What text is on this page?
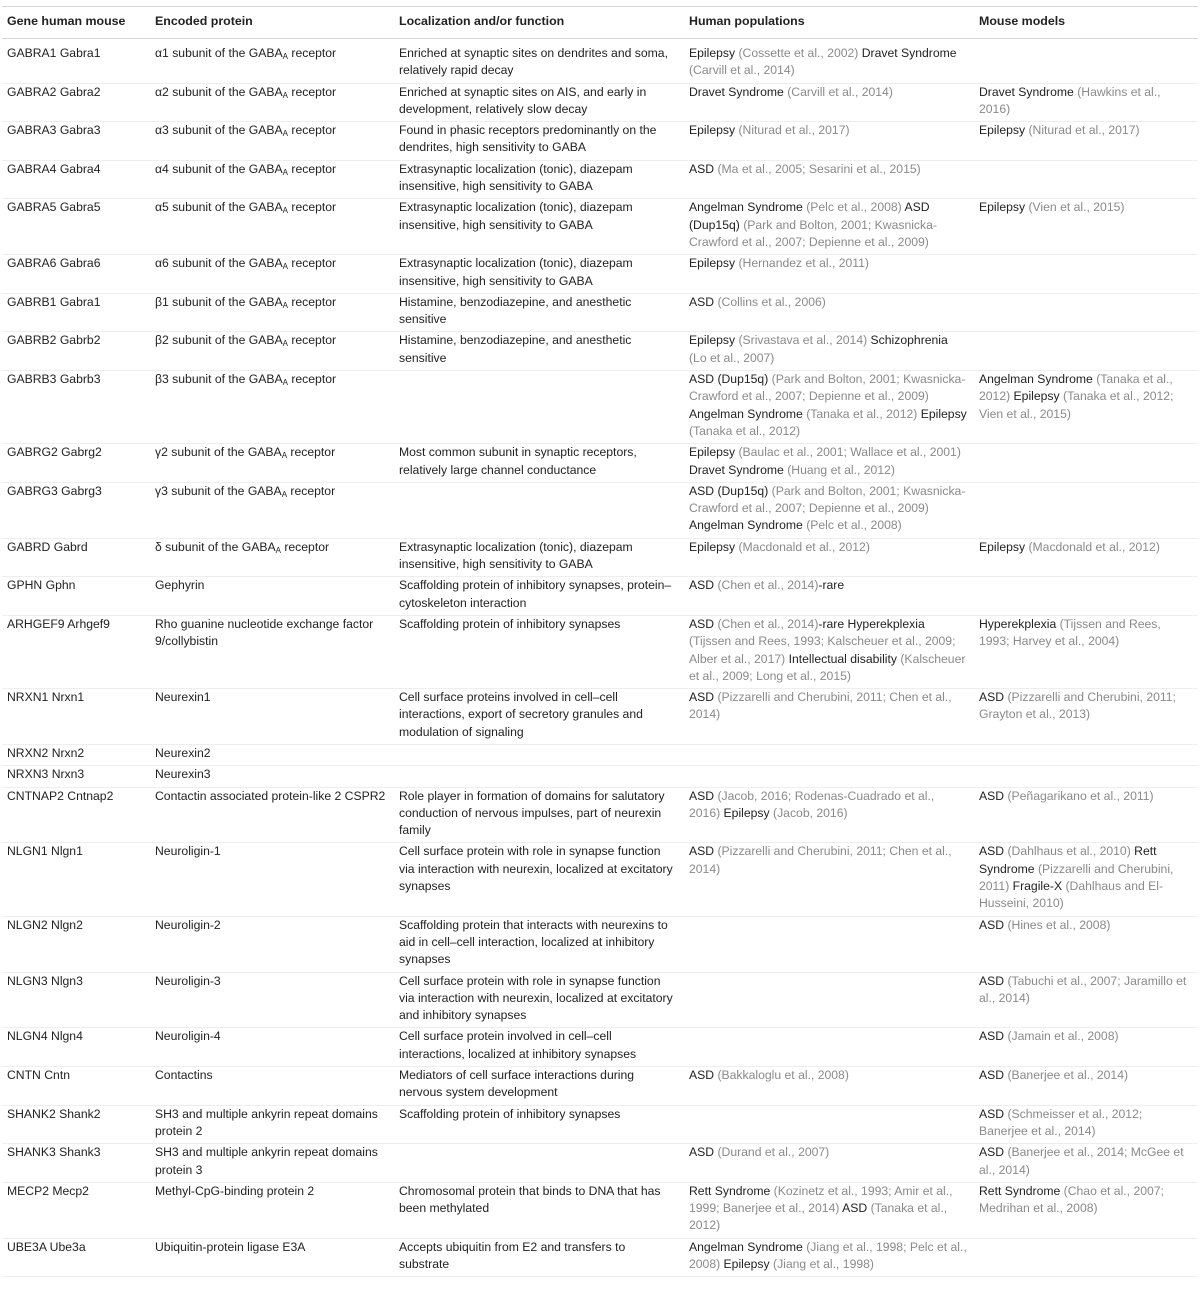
Gene human mouse	Encoded protein	Localization and/or function	Human populations	Mouse models
GABRA1 Gabra1	α1 subunit of the $GABA_A$ receptor	Enriched at synaptic sites on dendrites and soma, relatively rapid decay	Epilepsy (Cossette et al., 2002) Dravet Syndrome (Carvill et al., 2014)	
GABRA2 Gabra2	α2 subunit of the $GABA_A$ receptor	Enriched at synaptic sites on AIS, and early in development, relatively slow decay	Dravet Syndrome (Carvill et al., 2014)	Dravet Syndrome (Hawkins et al., 2016)
GABRA3 Gabra3	α3 subunit of the $GABA_A$ receptor	Found in phasic receptors predominantly on the dendrites, high sensitivity to GABA	Epilepsy (Niturad et al., 2017)	Epilepsy (Niturad et al., 2017)
GABRA4 Gabra4	α4 subunit of the $GABA_A$ receptor	Extrasynaptic localization (tonic), diazepam insensitive, high sensitivity to GABA	ASD (Ma et al., 2005; Sesarini et al., 2015)	
GABRA5 Gabra5	α5 subunit of the $GABA_A$ receptor	Extrasynaptic localization (tonic), diazepam insensitive, high sensitivity to GABA	Angelman Syndrome (Pelc et al., 2008) ASD (Dup15q) (Park and Bolton, 2001; Kwasnicka-Crawford et al., 2007; Depienne et al., 2009)	Epilepsy (Vien et al., 2015)
GABRA6 Gabra6	α6 subunit of the $GABA_A$ receptor	Extrasynaptic localization (tonic), diazepam insensitive, high sensitivity to GABA	Epilepsy (Hernandez et al., 2011)	
GABRB1 Gabra1	β1 subunit of the $GABA_A$ receptor	Histamine, benzodiazepine, and anesthetic sensitive	ASD (Collins et al., 2006)	
GABRB2 Gabrb2	β2 subunit of the $GABA_A$ receptor	Histamine, benzodiazepine, and anesthetic sensitive	Epilepsy (Srivastava et al., 2014) Schizophrenia (Lo et al., 2007)	
GABRB3 Gabrb3	β3 subunit of the $GABA_A$ receptor		ASD (Dup15q) (Park and Bolton, 2001; Kwasnicka-Crawford et al., 2007; Depienne et al., 2009) Angelman Syndrome (Tanaka et al., 2012) Epilepsy (Tanaka et al., 2012)	Angelman Syndrome (Tanaka et al., 2012) Epilepsy (Tanaka et al., 2012; Vien et al., 2015)
GABRG2 Gabrg2	γ2 subunit of the $GABA_A$ receptor	Most common subunit in synaptic receptors, relatively large channel conductance	Epilepsy (Baulac et al., 2001; Wallace et al., 2001) Dravet Syndrome (Huang et al., 2012)	
GABRG3 Gabrg3	γ3 subunit of the $GABA_A$ receptor		ASD (Dup15q) (Park and Bolton, 2001; Kwasnicka-Crawford et al., 2007; Depienne et al., 2009) Angelman Syndrome (Pelc et al., 2008)	
GABRD Gabrd	δ subunit of the $GABA_A$ receptor	Extrasynaptic localization (tonic), diazepam insensitive, high sensitivity to GABA	Epilepsy (Macdonald et al., 2012)	Epilepsy (Macdonald et al., 2012)
GPHN Gphn	Gephyrin	Scaffolding protein of inhibitory synapses, protein–cytoskeleton interaction	ASD (Chen et al., 2014)-rare	
ARHGEF9 Arhgef9	Rho guanine nucleotide exchange factor 9/collybistin	Scaffolding protein of inhibitory synapses	ASD (Chen et al., 2014)-rare Hyperekplexia (Tijssen and Rees, 1993; Kalscheuer et al., 2009; Alber et al., 2017) Intellectual disability (Kalscheuer et al., 2009; Long et al., 2015)	Hyperekplexia (Tijssen and Rees, 1993; Harvey et al., 2004)
NRXN1 Nrxn1	Neurexin1	Cell surface proteins involved in cell–cell interactions, export of secretory granules and modulation of signaling	ASD (Pizzarelli and Cherubini, 2011; Chen et al., 2014)	ASD (Pizzarelli and Cherubini, 2011; Grayton et al., 2013)
NRXN2 Nrxn2	Neurexin2			
NRXN3 Nrxn3	Neurexin3			
CNTNAP2 Cntnap2	Contactin associated protein-like 2 CSPR2	Role player in formation of domains for salutatory conduction of nervous impulses, part of neurexin family	ASD (Jacob, 2016; Rodenas-Cuadrado et al., 2016) Epilepsy (Jacob, 2016)	ASD (Peñagarikano et al., 2011)
NLGN1 Nlgn1	Neuroligin-1	Cell surface protein with role in synapse function via interaction with neurexin, localized at excitatory synapses	ASD (Pizzarelli and Cherubini, 2011; Chen et al., 2014)	ASD (Dahlhaus et al., 2010) Rett Syndrome (Pizzarelli and Cherubini, 2011) Fragile-X (Dahlhaus and El-Husseini, 2010)
NLGN2 Nlgn2	Neuroligin-2	Scaffolding protein that interacts with neurexins to aid in cell–cell interaction, localized at inhibitory synapses		ASD (Hines et al., 2008)
NLGN3 Nlgn3	Neuroligin-3	Cell surface protein with role in synapse function via interaction with neurexin, localized at excitatory and inhibitory synapses		ASD (Tabuchi et al., 2007; Jaramillo et al., 2014)
NLGN4 Nlgn4	Neuroligin-4	Cell surface protein involved in cell–cell interactions, localized at inhibitory synapses		ASD (Jamain et al., 2008)
CNTN Cntn	Contactins	Mediators of cell surface interactions during nervous system development	ASD (Bakkaloglu et al., 2008)	ASD (Banerjee et al., 2014)
SHANK2 Shank2	SH3 and multiple ankyrin repeat domains protein 2	Scaffolding protein of inhibitory synapses		ASD (Schmeisser et al., 2012; Banerjee et al., 2014)
SHANK3 Shank3	SH3 and multiple ankyrin repeat domains protein 3		ASD (Durand et al., 2007)	ASD (Banerjee et al., 2014; McGee et al., 2014)
MECP2 Mecp2	Methyl-CpG-binding protein 2	Chromosomal protein that binds to DNA that has been methylated	Rett Syndrome (Kozinetz et al., 1993; Amir et al., 1999; Banerjee et al., 2014) ASD (Tanaka et al., 2012)	Rett Syndrome (Chao et al., 2007; Medrihan et al., 2008)
UBE3A Ube3a	Ubiquitin-protein ligase E3A	Accepts ubiquitin from E2 and transfers to substrate	Angelman Syndrome (Jiang et al., 1998; Pelc et al., 2008) Epilepsy (Jiang et al., 1998)	
